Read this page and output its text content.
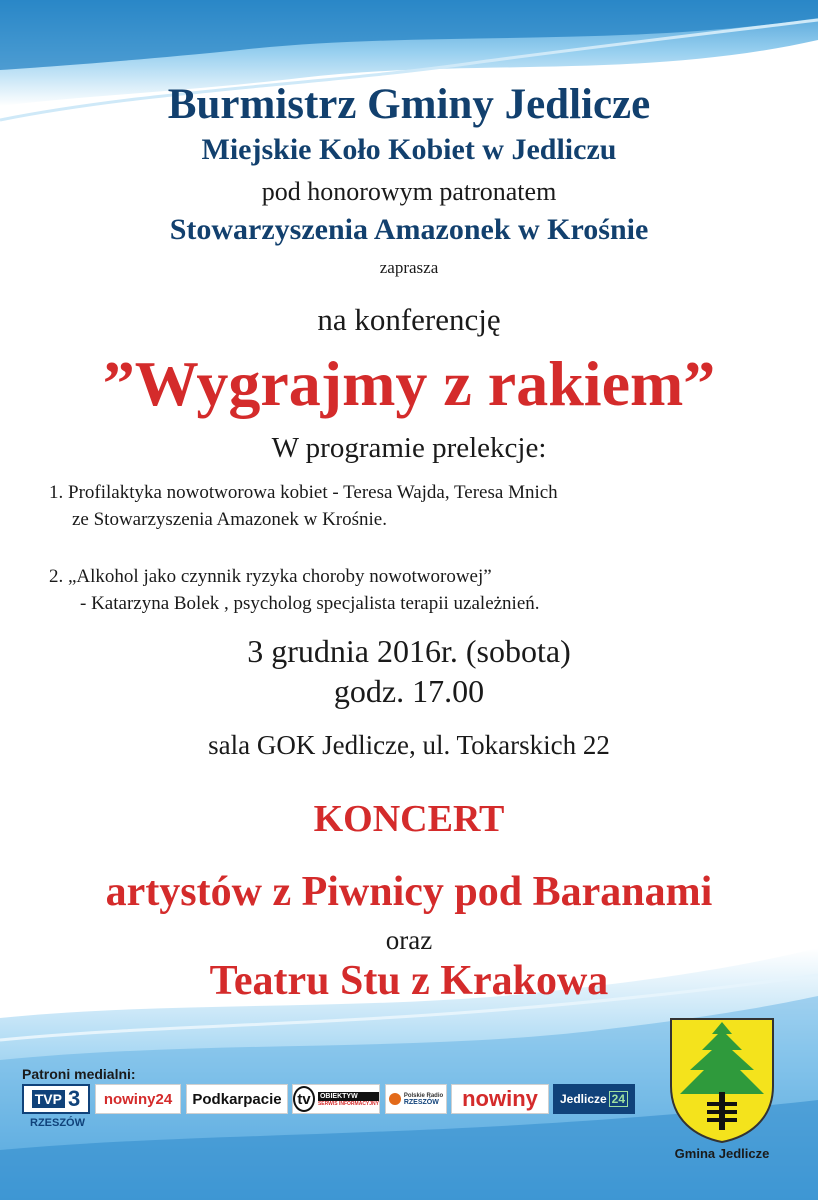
Burmistrz Gminy Jedlicze
Miejskie Koło Kobiet w Jedliczu
pod honorowym patronatem
Stowarzyszenia Amazonek w Krośnie
zaprasza
na konferencję
”Wygrajmy z rakiem”
W programie prelekcje:
1. Profilaktyka nowotworowa kobiet - Teresa Wajda, Teresa Mnich
ze Stowarzyszenia Amazonek w Krośnie.
2. „Alkohol jako czynnik ryzyka choroby nowotworowej”
- Katarzyna Bolek , psycholog specjalista terapii uzależnień.
3 grudnia 2016r. (sobota)
godz. 17.00
sala GOK Jedlicze, ul. Tokarskich 22
KONCERT
artystów z Piwnicy pod Baranami
oraz
Teatru Stu z Krakowa
Patroni medialni:
TVP 3
RZESZÓW
nowiny24 Podkarpacie tv	OBIEKTYW
SERWIS INFORMACYJNY
Polskie Radio
RZESZÓW nowiny Jedlicze 24
Gmina Jedlicze
